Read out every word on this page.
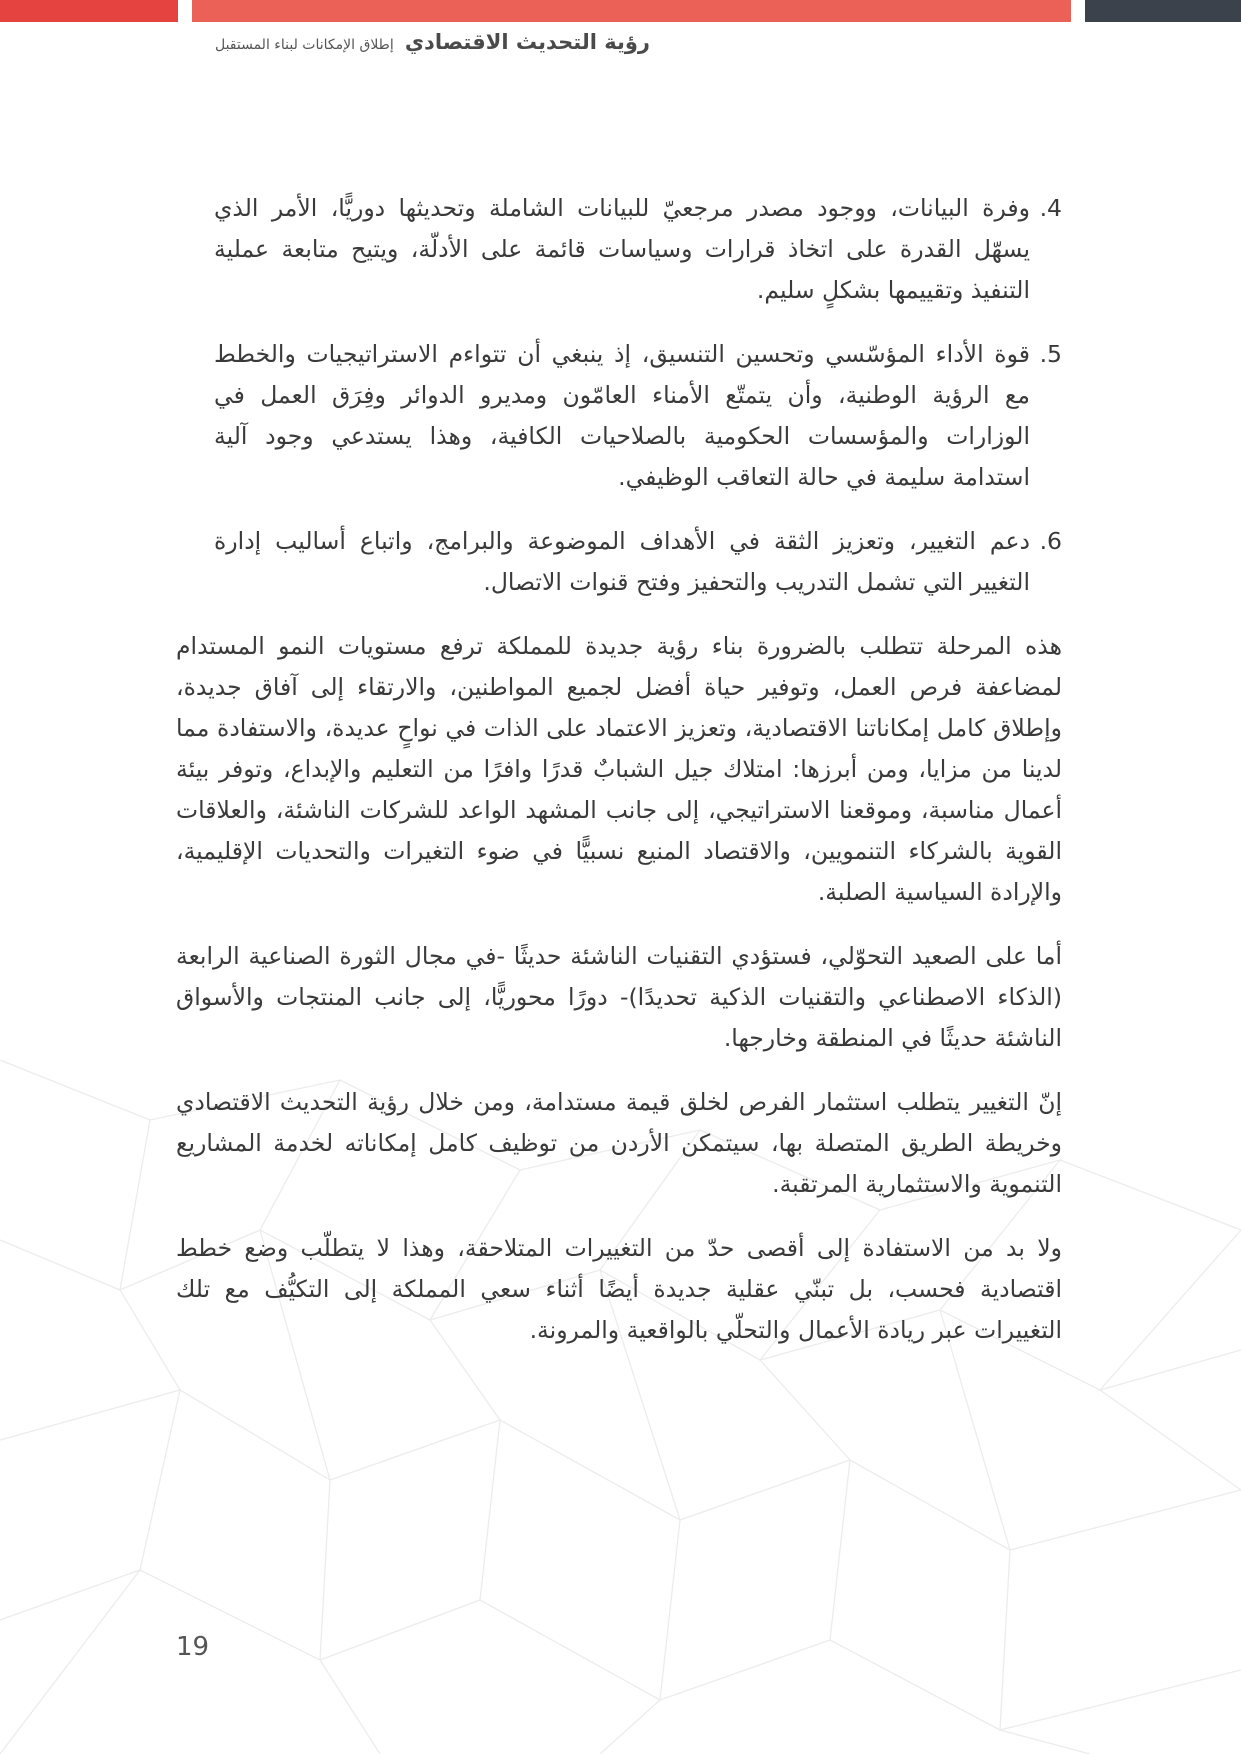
رؤية التحديث الاقتصادي إطلاق الإمكانات لبناء المستقبل
4.
وفرة البيانات، ووجود مصدر مرجعيّ للبيانات الشاملة وتحديثها دوريًّا، الأمر الذي يسهّل القدرة على اتخاذ قرارات وسياسات قائمة على الأدلّة، ويتيح متابعة عملية التنفيذ وتقييمها بشكلٍ سليم.
5.
قوة الأداء المؤسّسي وتحسين التنسيق، إذ ينبغي أن تتواءم الاستراتيجيات والخطط مع الرؤية الوطنية، وأن يتمتّع الأمناء العامّون ومديرو الدوائر وفِرَق العمل في الوزارات والمؤسسات الحكومية بالصلاحيات الكافية، وهذا يستدعي وجود آلية استدامة سليمة في حالة التعاقب الوظيفي.
6.
دعم التغيير، وتعزيز الثقة في الأهداف الموضوعة والبرامج، واتباع أساليب إدارة التغيير التي تشمل التدريب والتحفيز وفتح قنوات الاتصال.

هذه المرحلة تتطلب بالضرورة بناء رؤية جديدة للمملكة ترفع مستويات النمو المستدام لمضاعفة فرص العمل، وتوفير حياة أفضل لجميع المواطنين، والارتقاء إلى آفاق جديدة، وإطلاق كامل إمكاناتنا الاقتصادية، وتعزيز الاعتماد على الذات في نواحٍ عديدة، والاستفادة مما لدينا من مزايا، ومن أبرزها: امتلاك جيل الشبابٌ قدرًا وافرًا من التعليم والإبداع، وتوفر بيئة أعمال مناسبة، وموقعنا الاستراتيجي، إلى جانب المشهد الواعد للشركات الناشئة، والعلاقات القوية بالشركاء التنمويين، والاقتصاد المنيع نسبيًّا في ضوء التغيرات والتحديات الإقليمية، والإرادة السياسية الصلبة.

أما على الصعيد التحوّلي، فستؤدي التقنيات الناشئة حديثًا -في مجال الثورة الصناعية الرابعة (الذكاء الاصطناعي والتقنيات الذكية تحديدًا)- دورًا محوريًّا، إلى جانب المنتجات والأسواق الناشئة حديثًا في المنطقة وخارجها.

إنّ التغيير يتطلب استثمار الفرص لخلق قيمة مستدامة، ومن خلال رؤية التحديث الاقتصادي وخريطة الطريق المتصلة بها، سيتمكن الأردن من توظيف كامل إمكاناته لخدمة المشاريع التنموية والاستثمارية المرتقبة.

ولا بد من الاستفادة إلى أقصى حدّ من التغييرات المتلاحقة، وهذا لا يتطلّب وضع خطط اقتصادية فحسب، بل تبنّي عقلية جديدة أيضًا أثناء سعي المملكة إلى التكيُّف مع تلك التغييرات عبر ريادة الأعمال والتحلّي بالواقعية والمرونة.

19
